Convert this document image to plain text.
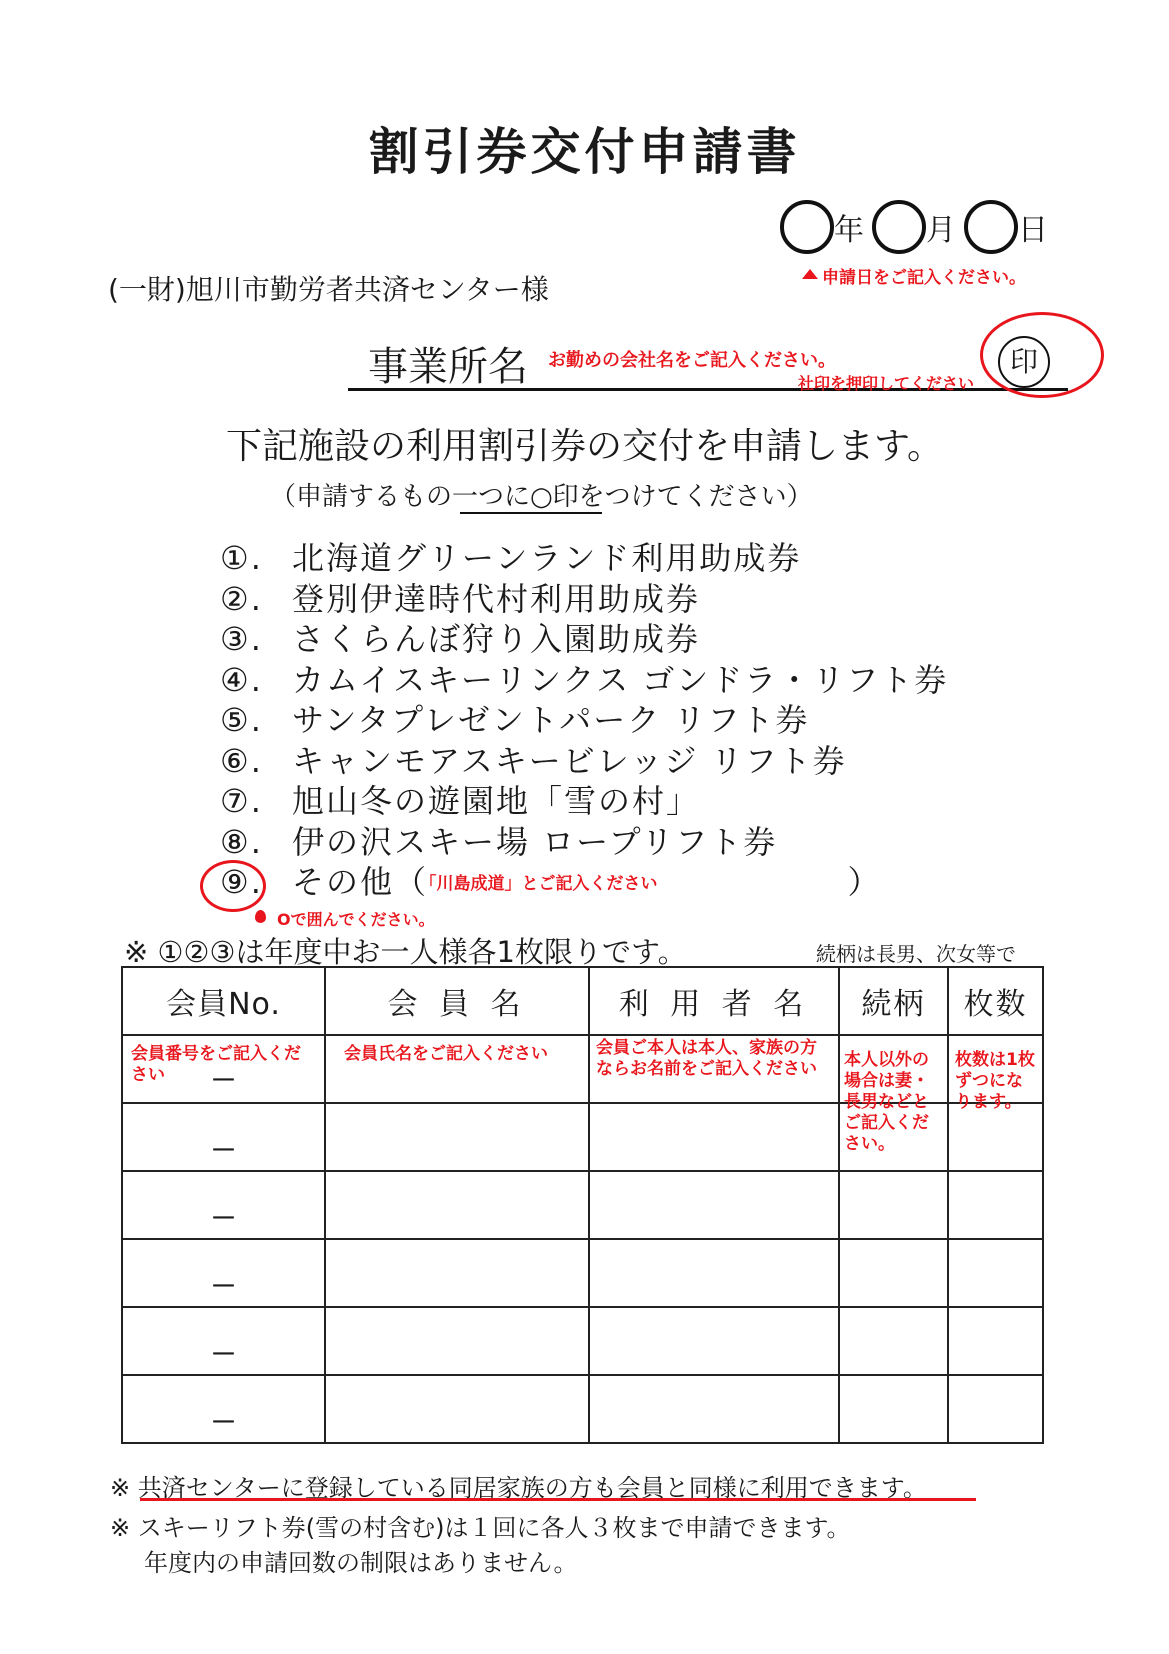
割引券交付申請書
年 月 日
申請日をご記入ください。
(一財)旭川市勤労者共済センター様
事業所名 お勤めの会社名をご記入ください。	印
社印を押印してください
下記施設の利用割引券の交付を申請します。
（申請するもの一つに○印をつけてください）
①. 北海道グリーンランド利用助成券
②. 登別伊達時代村利用助成券
③. さくらんぼ狩り入園助成券
④. カムイスキーリンクス ゴンドラ・リフト券
⑤. サンタプレゼントパーク リフト券
⑥. キャンモアスキービレッジ リフト券
⑦. 旭山冬の遊園地「雪の村」
⑧. 伊の沢スキー場 ロープリフト券
⑨. その他（「川島成道」とご記入ください	）
Oで囲んでください。
※ ①②③は年度中お一人様各1枚限りです。	続柄は長男、次女等で
会員No.	会 員 名	利 用 者 名	続柄	枚数

会員番号をご記入ください －	会員氏名をご記入ください	会員ご本人は本人、家族の方ならお名前をご記入ください	本人以外の場合は妻・長男などとご記入ください。	枚数は1枚ずつになります。

－				

－				

－				

－				

－				

※ 共済センターに登録している同居家族の方も会員と同様に利用できます。
※ スキーリフト券(雪の村含む)は１回に各人３枚まで申請できます。
年度内の申請回数の制限はありません。
